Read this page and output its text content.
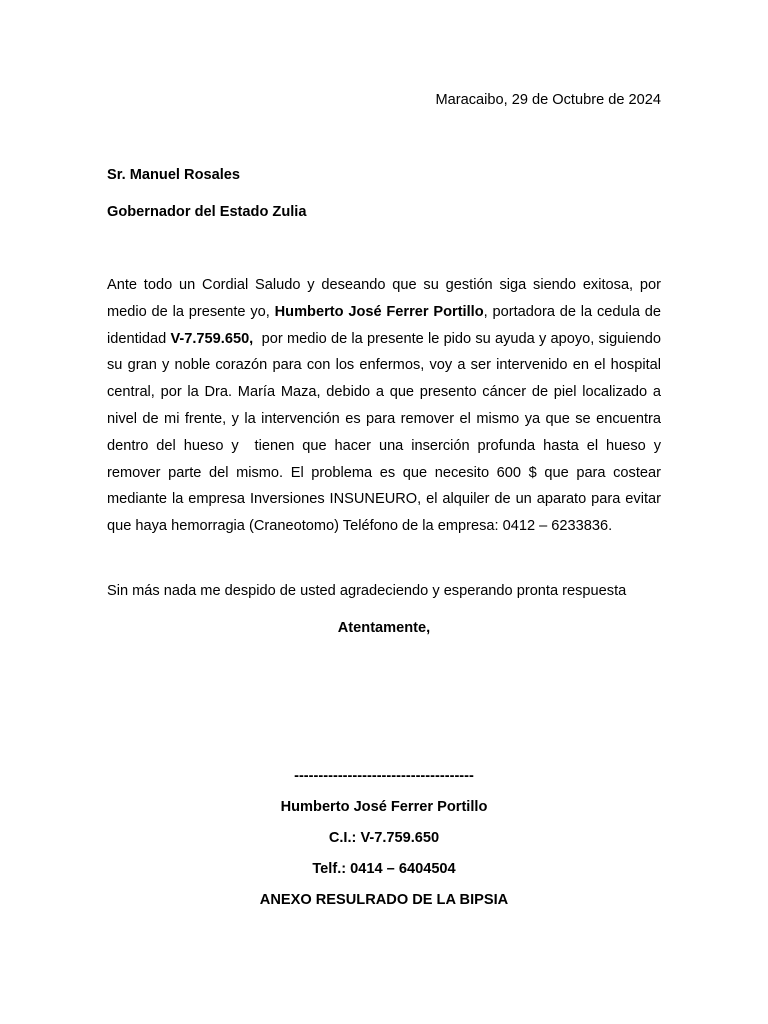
Maracaibo, 29 de Octubre de 2024
Sr. Manuel Rosales
Gobernador del Estado Zulia

Ante todo un Cordial Saludo y deseando que su gestión siga siendo exitosa, por medio de la presente yo, Humberto José Ferrer Portillo, portadora de la cedula de identidad V-7.759.650,  por medio de la presente le pido su ayuda y apoyo, siguiendo su gran y noble corazón para con los enfermos, voy a ser intervenido en el hospital central, por la Dra. María Maza, debido a que presento cáncer de piel localizado a nivel de mi frente, y la intervención es para remover el mismo ya que se encuentra dentro del hueso y  tienen que hacer una inserción profunda hasta el hueso y remover parte del mismo. El problema es que necesito 600 $ que para costear mediante la empresa Inversiones INSUNEURO, el alquiler de un aparato para evitar que haya hemorragia (Craneotomo) Teléfono de la empresa: 0412 – 6233836.

Sin más nada me despido de usted agradeciendo y esperando pronta respuesta
Atentamente,
-------------------------------------
Humberto José Ferrer Portillo
C.I.: V-7.759.650
Telf.: 0414 – 6404504
ANEXO RESULRADO DE LA BIPSIA
